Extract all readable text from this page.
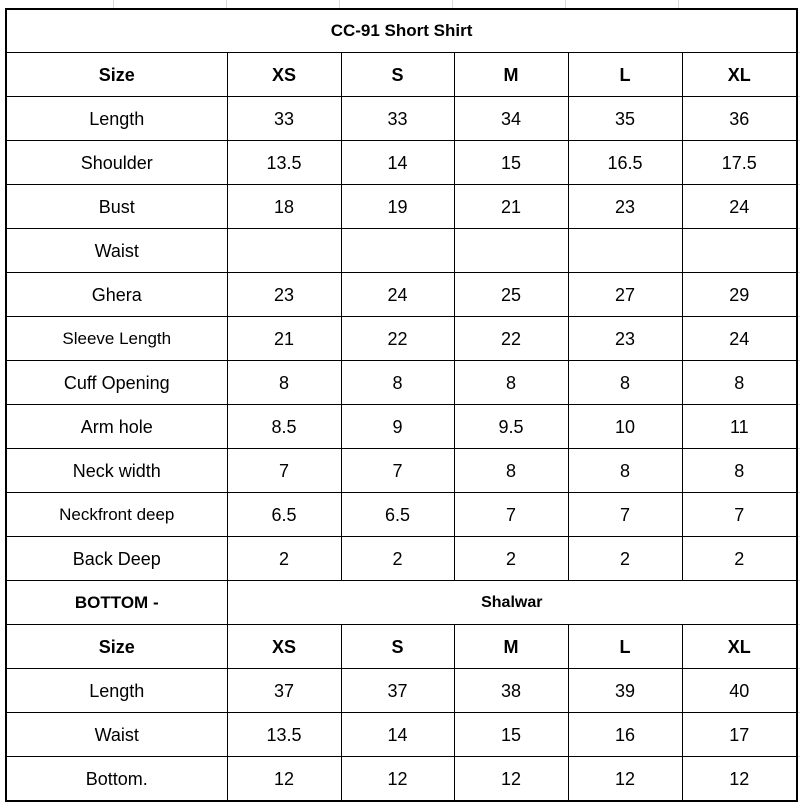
CC-91 Short Shirt					
Size	XS	S	M	L	XL
Length	33	33	34	35	36
Shoulder	13.5	14	15	16.5	17.5
Bust	18	19	21	23	24
Waist					
Ghera	23	24	25	27	29
Sleeve Length	21	22	22	23	24
Cuff Opening	8	8	8	8	8
Arm hole	8.5	9	9.5	10	11
Neck width	7	7	8	8	8
Neckfront deep	6.5	6.5	7	7	7
Back Deep	2	2	2	2	2
BOTTOM -	Shalwar				
Size	XS	S	M	L	XL
Length	37	37	38	39	40
Waist	13.5	14	15	16	17
Bottom.	12	12	12	12	12
